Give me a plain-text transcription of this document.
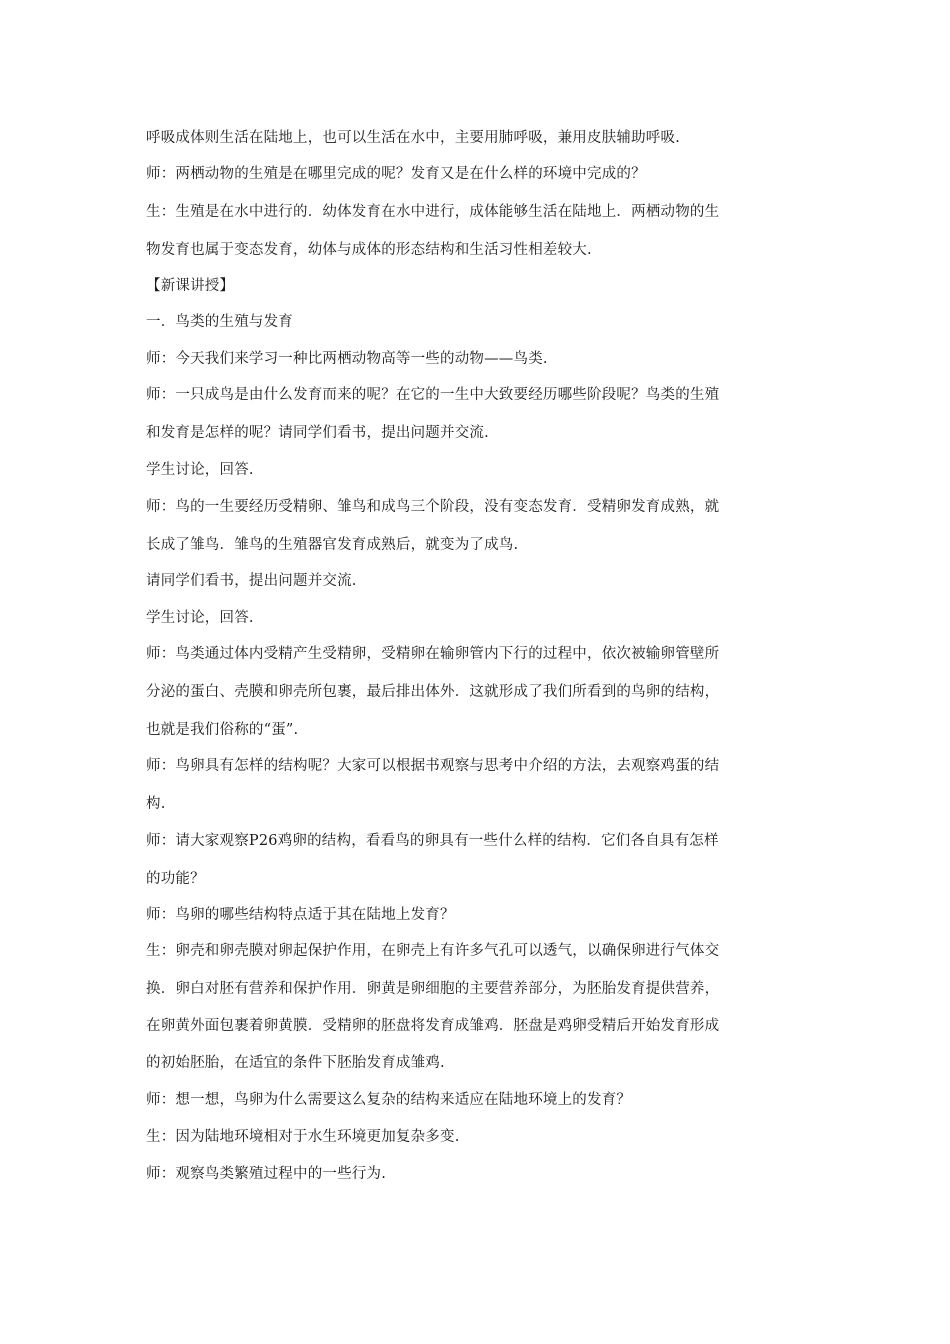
呼吸成体则生活在陆地上，也可以生活在水中，主要用肺呼吸，兼用皮肤辅助呼吸.
师：两栖动物的生殖是在哪里完成的呢？发育又是在什么样的环境中完成的？
生：生殖是在水中进行的．幼体发育在水中进行，成体能够生活在陆地上．两栖动物的生
物发育也属于变态发育，幼体与成体的形态结构和生活习性相差较大.
【新课讲授】
一．鸟类的生殖与发育
师：今天我们来学习一种比两栖动物高等一些的动物——鸟类.
师：一只成鸟是由什么发育而来的呢？在它的一生中大致要经历哪些阶段呢？鸟类的生殖
和发育是怎样的呢？请同学们看书，提出问题并交流.
学生讨论，回答.
师：鸟的一生要经历受精卵、雏鸟和成鸟三个阶段，没有变态发育．受精卵发育成熟，就
长成了雏鸟．雏鸟的生殖器官发育成熟后，就变为了成鸟.
请同学们看书，提出问题并交流.
学生讨论，回答.
师：鸟类通过体内受精产生受精卵，受精卵在输卵管内下行的过程中，依次被输卵管壁所
分泌的蛋白、壳膜和卵壳所包裹，最后排出体外．这就形成了我们所看到的鸟卵的结构，
也就是我们俗称的“蛋”.
师：鸟卵具有怎样的结构呢？大家可以根据书观察与思考中介绍的方法，去观察鸡蛋的结
构.
师：请大家观察P26鸡卵的结构，看看鸟的卵具有一些什么样的结构．它们各自具有怎样
的功能？
师：鸟卵的哪些结构特点适于其在陆地上发育？
生：卵壳和卵壳膜对卵起保护作用，在卵壳上有许多气孔可以透气，以确保卵进行气体交
换．卵白对胚有营养和保护作用．卵黄是卵细胞的主要营养部分，为胚胎发育提供营养，
在卵黄外面包裹着卵黄膜．受精卵的胚盘将发育成雏鸡．胚盘是鸡卵受精后开始发育形成
的初始胚胎，在适宜的条件下胚胎发育成雏鸡.
师：想一想，鸟卵为什么需要这么复杂的结构来适应在陆地环境上的发育？
生：因为陆地环境相对于水生环境更加复杂多变.
师：观察鸟类繁殖过程中的一些行为.
